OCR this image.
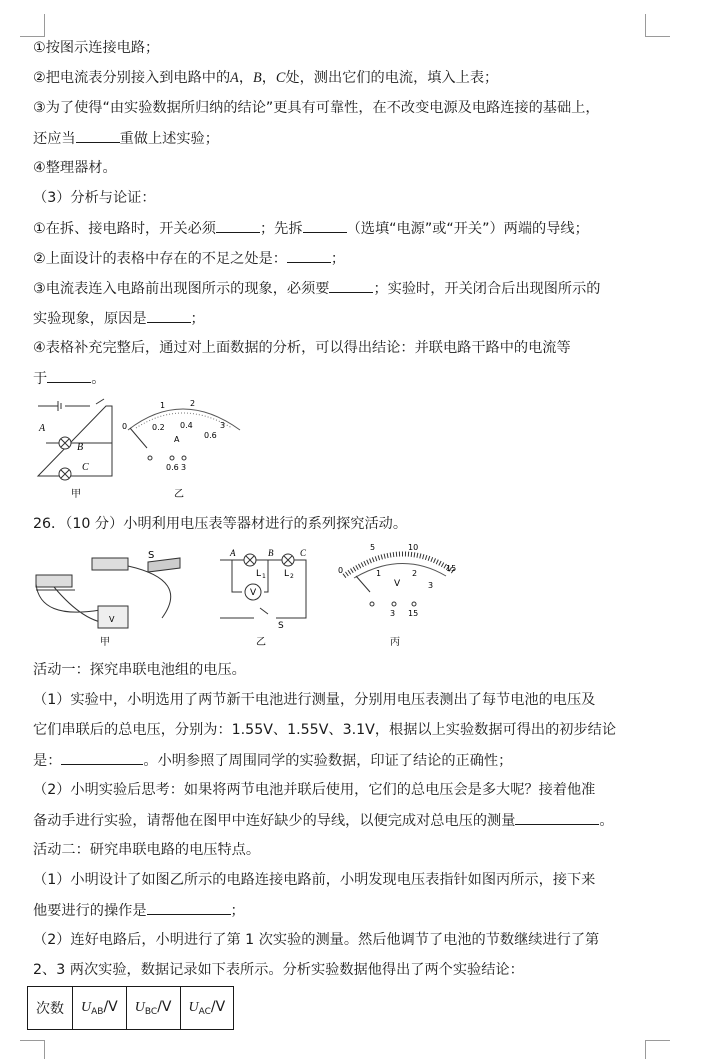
①按图示连接电路；
②把电流表分别接入到电路中的A，B，C处，测出它们的电流，填入上表；
③为了使得“由实验数据所归纳的结论”更具有可靠性，在不改变电源及电路连接的基础上，
还应当	重做上述实验；
④整理器材。
（3）分析与论证：
①在拆、接电路时，开关必须	；先拆	（选填“电源”或“开关”）两端的导线；
②上面设计的表格中存在的不足之处是：	；
③电流表连入电路前出现图所示的现象，必须要	；实验时，开关闭合后出现图所示的
实验现象，原因是	；
④表格补充完整后，通过对上面数据的分析，可以得出结论：并联电路干路中的电流等
于	。
A
B
C
甲
0
1	2
3
0.2 0.4
0.6
A
0.6 3
乙
26．（10 分）小明利用电压表等器材进行的系列探究活动。
S
V
甲
A	B	C
L 1 L 2
V
S
乙
0
5	10
15
1	2
3
V
3 15
丙
活动一：探究串联电池组的电压。
（1）实验中，小明选用了两节新干电池进行测量，分别用电压表测出了每节电池的电压及
它们串联后的总电压，分别为：1.55V、1.55V、3.1V，根据以上实验数据可得出的初步结论
是：	。小明参照了周围同学的实验数据，印证了结论的正确性；
（2）小明实验后思考：如果将两节电池并联后使用，它们的总电压会是多大呢？接着他准
备动手进行实验，请帮他在图甲中连好缺少的导线，以便完成对总电压的测量	。
活动二：研究串联电路的电压特点。
（1）小明设计了如图乙所示的电路连接电路前，小明发现电压表指针如图丙所示，接下来
他要进行的操作是	；
（2）连好电路后，小明进行了第 1 次实验的测量。然后他调节了电池的节数继续进行了第
2、3 两次实验，数据记录如下表所示。分析实验数据他得出了两个实验结论：
次数	$U_{AB}/V$	$U_{BC}/V$	$U_{AC}/V$
